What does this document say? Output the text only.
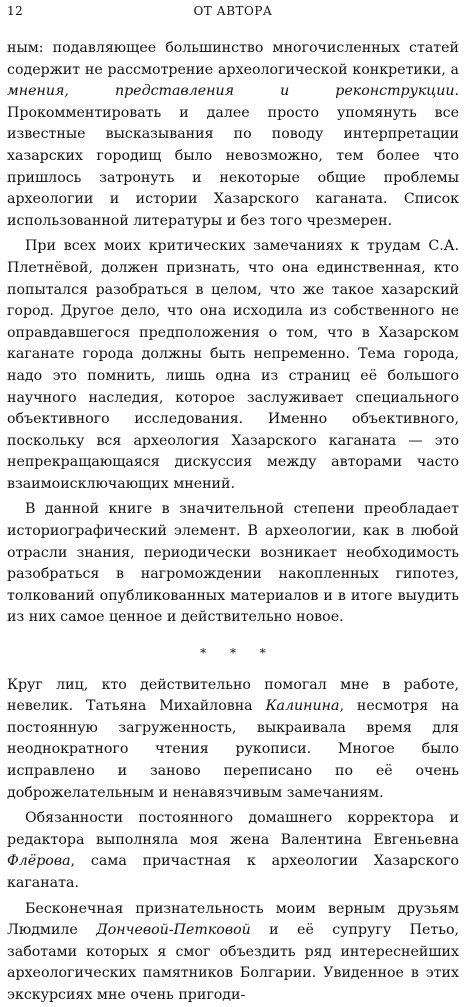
12	ОТ АВТОРА

ным: подавляющее большинство многочисленных статей содержит не рассмотрение археологической конкретики, а мнения, представления и реконструкции. Прокомментировать и далее просто упомянуть все известные высказывания по поводу интерпретации хазарских городищ было невозможно, тем более что пришлось затронуть и некоторые общие проблемы археологии и истории Хазарского каганата. Список использованной литературы и без того чрезмерен.

При всех моих критических замечаниях к трудам С.А. Плетнёвой, должен признать, что она единственная, кто попытался разобраться в целом, что же такое хазарский город. Другое дело, что она исходила из собственного не оправдавшегося предположения о том, что в Хазарском каганате города должны быть непременно. Тема города, надо это помнить, лишь одна из страниц её большого научного наследия, которое заслуживает специального объективного исследования. Именно объективного, поскольку вся археология Хазарского каганата — это непрекращающаяся дискуссия между авторами часто взаимоисключающих мнений.

В данной книге в значительной степени преобладает историографический элемент. В археологии, как в любой отрасли знания, периодически возникает необходимость разобраться в нагромождении накопленных гипотез, толкований опубликованных материалов и в итоге выудить из них самое ценное и действительно новое.

* * *

Круг лиц, кто действительно помогал мне в работе, невелик. Татьяна Михайловна Калинина, несмотря на постоянную загруженность, выкраивала время для неоднократного чтения рукописи. Многое было исправлено и заново переписано по её очень доброжелательным и ненавязчивым замечаниям.

Обязанности постоянного домашнего корректора и редактора выполняла моя жена Валентина Евгеньевна Флёрова, сама причастная к археологии Хазарского каганата.

Бесконечная признательность моим верным друзьям Людмиле Дончевой-Петковой и её супругу Петьо, заботами которых я смог объездить ряд интереснейших археологических памятников Болгарии. Увиденное в этих экскурсиях мне очень пригоди-
